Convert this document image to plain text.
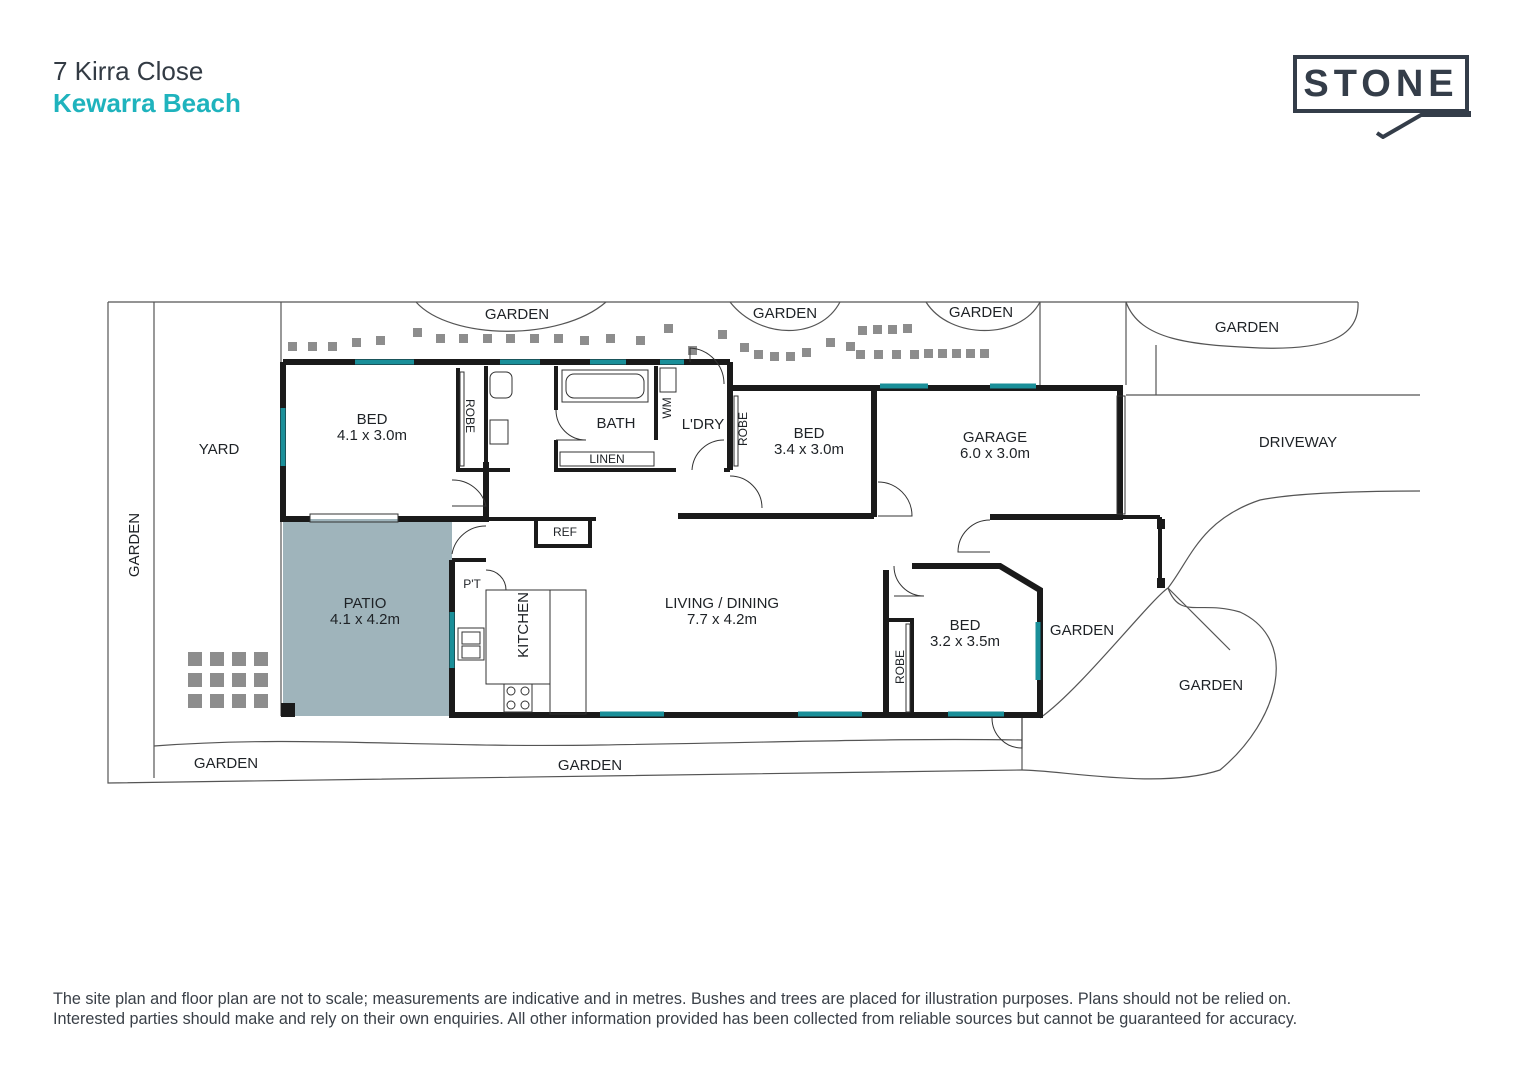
7 Kirra Close
Kewarra Beach	STONE
GARDEN	GARDEN	GARDEN
GARDEN
DRIVEWAY
YARD
GARDEN
GARDEN
GARDEN
GARDEN	GARDEN
BED
4.1 x 3.0m
ROBE	BATH
LINEN
WM
L'DRY ROBE	BED
3.4 x 3.0m
GARAGE
6.0 x 3.0m
REF
P'T
KITCHEN
PATIO
4.1 x 4.2m
LIVING / DINING
7.7 x 4.2m	BED
3.2 x 3.5m
ROBE
The site plan and floor plan are not to scale; measurements are indicative and in metres. Bushes and trees are placed for illustration purposes. Plans should not be relied on.
Interested parties should make and rely on their own enquiries. All other information provided has been collected from reliable sources but cannot be guaranteed for accuracy.
